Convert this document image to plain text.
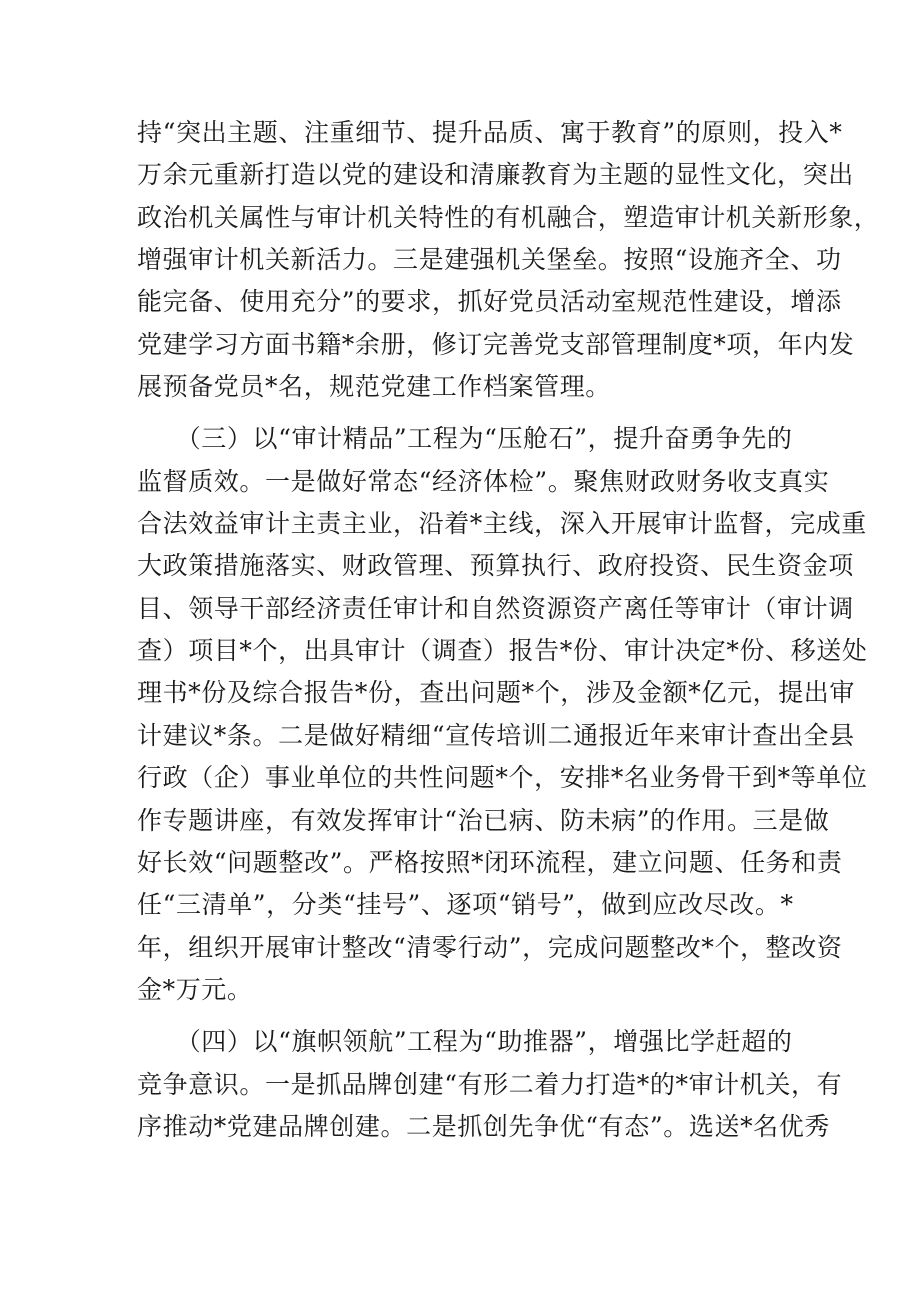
持“突出主题、注重细节、提升品质、寓于教育”的原则，投入*
万余元重新打造以党的建设和清廉教育为主题的显性文化，突出
政治机关属性与审计机关特性的有机融合，塑造审计机关新形象，
增强审计机关新活力。三是建强机关堡垒。按照“设施齐全、功
能完备、使用充分”的要求，抓好党员活动室规范性建设，增添
党建学习方面书籍*余册，修订完善党支部管理制度*项，年内发
展预备党员*名，规范党建工作档案管理。
　　（三）以“审计精品”工程为“压舱石”，提升奋勇争先的
监督质效。一是做好常态“经济体检”。聚焦财政财务收支真实
合法效益审计主责主业，沿着*主线，深入开展审计监督，完成重
大政策措施落实、财政管理、预算执行、政府投资、民生资金项
目、领导干部经济责任审计和自然资源资产离任等审计（审计调
查）项目*个，出具审计（调查）报告*份、审计决定*份、移送处
理书*份及综合报告*份，查出问题*个，涉及金额*亿元，提出审
计建议*条。二是做好精细“宣传培训二通报近年来审计查出全县
行政（企）事业单位的共性问题*个，安排*名业务骨干到*等单位
作专题讲座，有效发挥审计“治已病、防未病”的作用。三是做
好长效“问题整改”。严格按照*闭环流程，建立问题、任务和责
任“三清单”，分类“挂号”、逐项“销号”，做到应改尽改。*
年，组织开展审计整改“清零行动”，完成问题整改*个，整改资
金*万元。
　　（四）以“旗帜领航”工程为“助推器”，增强比学赶超的
竞争意识。一是抓品牌创建“有形二着力打造*的*审计机关，有
序推动*党建品牌创建。二是抓创先争优“有态”。选送*名优秀
